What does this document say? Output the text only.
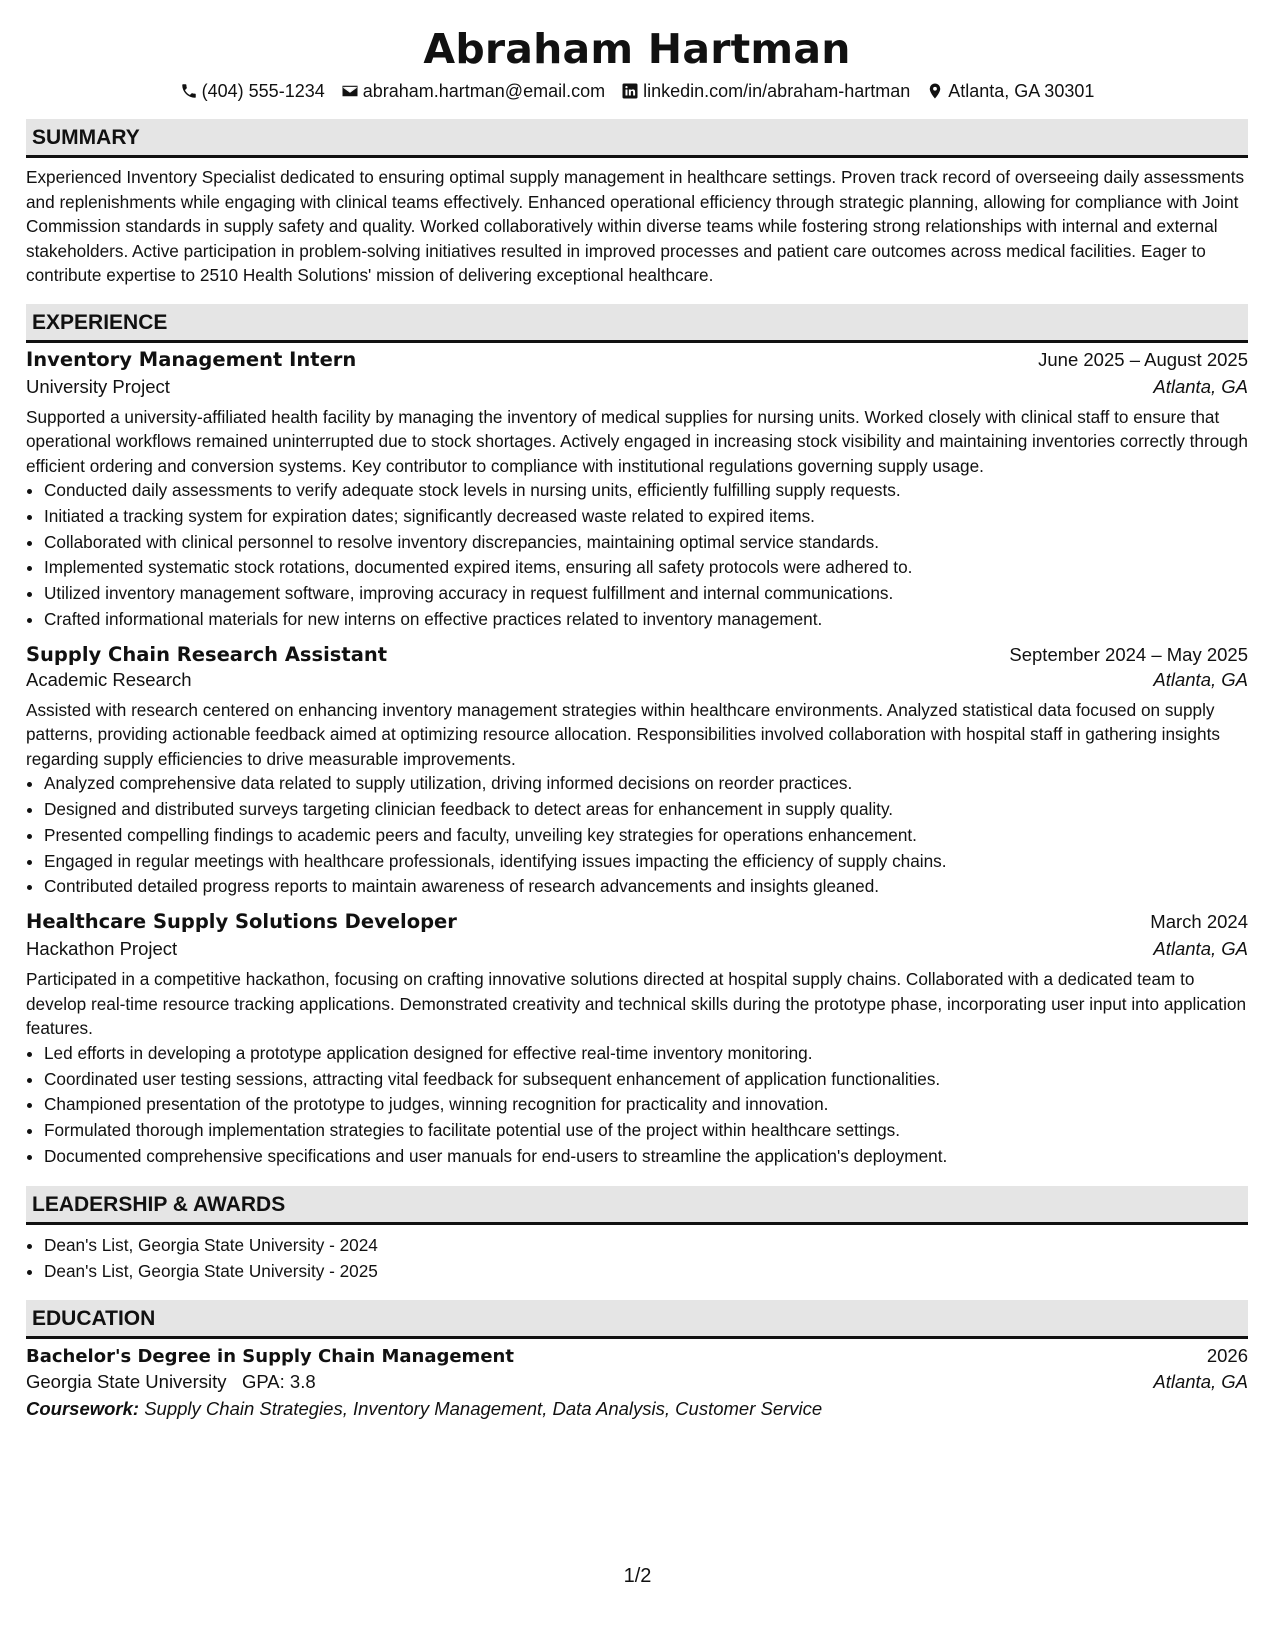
Abraham Hartman
(404) 555-1234 abraham.hartman@email.com linkedin.com/in/abraham-hartman Atlanta, GA 30301
SUMMARY

Experienced Inventory Specialist dedicated to ensuring optimal supply management in healthcare settings. Proven track record of overseeing daily assessments and replenishments while engaging with clinical teams effectively. Enhanced operational efficiency through strategic planning, allowing for compliance with Joint Commission standards in supply safety and quality. Worked collaboratively within diverse teams while fostering strong relationships with internal and external stakeholders. Active participation in problem-solving initiatives resulted in improved processes and patient care outcomes across medical facilities. Eager to contribute expertise to 2510 Health Solutions' mission of delivering exceptional healthcare.

EXPERIENCE
Inventory Management Intern	June 2025 – August 2025
University Project	Atlanta, GA

Supported a university-affiliated health facility by managing the inventory of medical supplies for nursing units. Worked closely with clinical staff to ensure that operational workflows remained uninterrupted due to stock shortages. Actively engaged in increasing stock visibility and maintaining inventories correctly through efficient ordering and conversion systems. Key contributor to compliance with institutional regulations governing supply usage.

• Conducted daily assessments to verify adequate stock levels in nursing units, efficiently fulfilling supply requests.
• Initiated a tracking system for expiration dates; significantly decreased waste related to expired items.
• Collaborated with clinical personnel to resolve inventory discrepancies, maintaining optimal service standards.
• Implemented systematic stock rotations, documented expired items, ensuring all safety protocols were adhered to.
• Utilized inventory management software, improving accuracy in request fulfillment and internal communications.
• Crafted informational materials for new interns on effective practices related to inventory management.
Supply Chain Research Assistant	September 2024 – May 2025
Academic Research	Atlanta, GA

Assisted with research centered on enhancing inventory management strategies within healthcare environments. Analyzed statistical data focused on supply patterns, providing actionable feedback aimed at optimizing resource allocation. Responsibilities involved collaboration with hospital staff in gathering insights regarding supply efficiencies to drive measurable improvements.

• Analyzed comprehensive data related to supply utilization, driving informed decisions on reorder practices.
• Designed and distributed surveys targeting clinician feedback to detect areas for enhancement in supply quality.
• Presented compelling findings to academic peers and faculty, unveiling key strategies for operations enhancement.
• Engaged in regular meetings with healthcare professionals, identifying issues impacting the efficiency of supply chains.
• Contributed detailed progress reports to maintain awareness of research advancements and insights gleaned.
Healthcare Supply Solutions Developer	March 2024
Hackathon Project	Atlanta, GA

Participated in a competitive hackathon, focusing on crafting innovative solutions directed at hospital supply chains. Collaborated with a dedicated team to develop real-time resource tracking applications. Demonstrated creativity and technical skills during the prototype phase, incorporating user input into application features.

• Led efforts in developing a prototype application designed for effective real-time inventory monitoring.
• Coordinated user testing sessions, attracting vital feedback for subsequent enhancement of application functionalities.
• Championed presentation of the prototype to judges, winning recognition for practicality and innovation.
• Formulated thorough implementation strategies to facilitate potential use of the project within healthcare settings.
• Documented comprehensive specifications and user manuals for end-users to streamline the application's deployment.
LEADERSHIP & AWARDS
• Dean's List, Georgia State University - 2024
• Dean's List, Georgia State University - 2025
EDUCATION
Bachelor's Degree in Supply Chain Management	2026
Georgia State University GPA: 3.8	Atlanta, GA
Coursework: Supply Chain Strategies, Inventory Management, Data Analysis, Customer Service
1/2
